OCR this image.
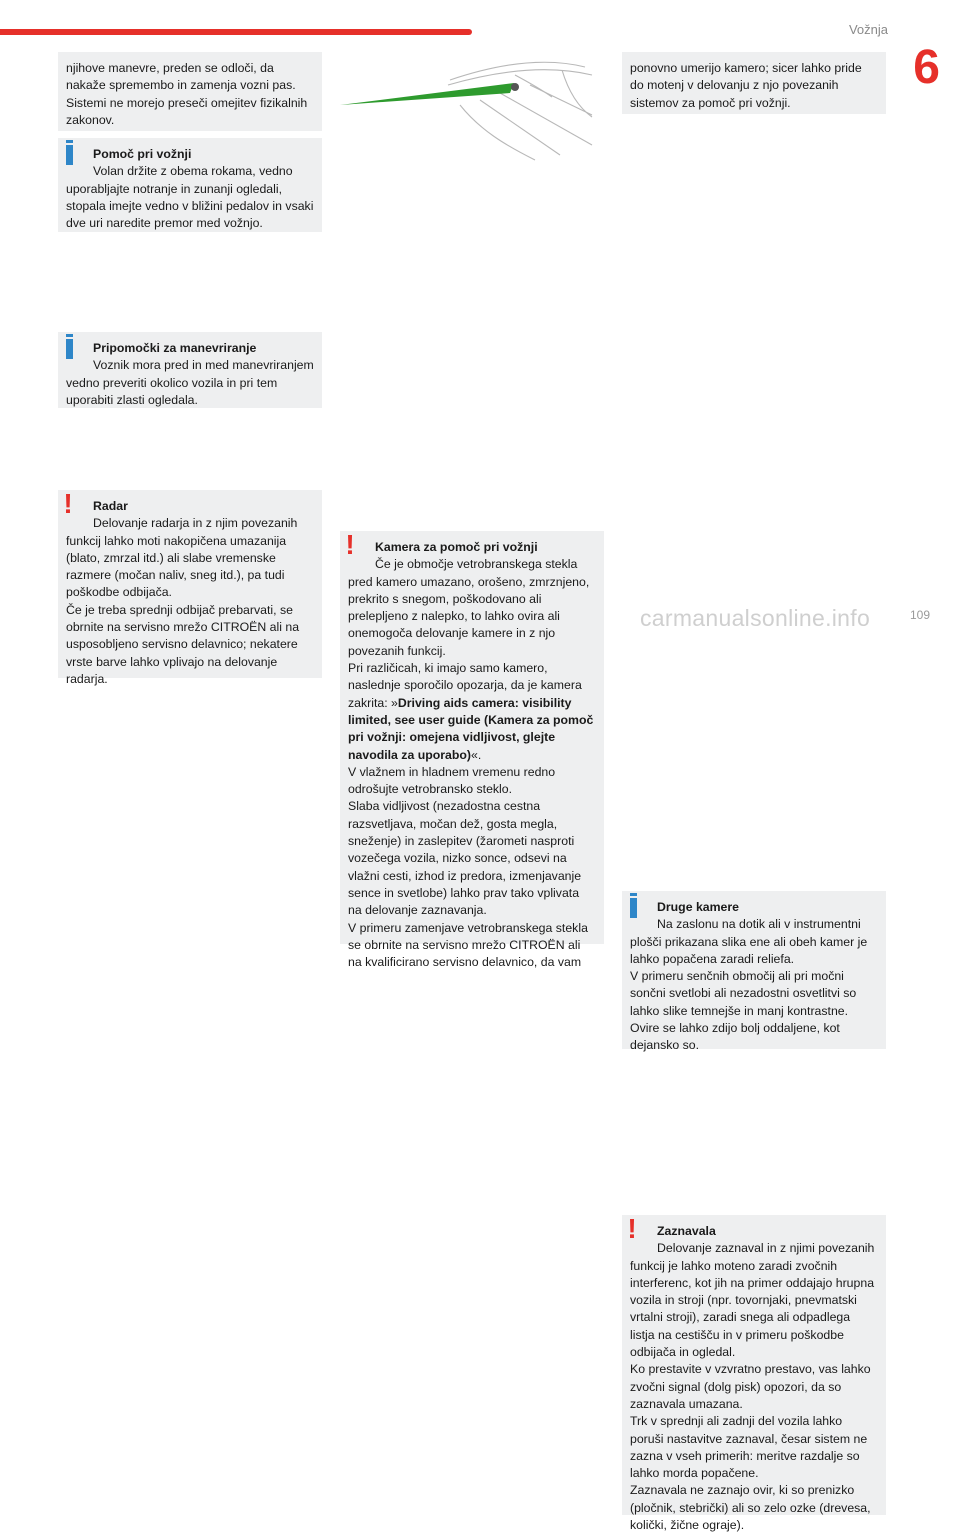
Vožnja
6
109
carmanualsonline.info

njihove manevre, preden se odloči, da nakaže spremembo in zamenja vozni pas.

Sistemi ne morejo preseči omejitev fizikalnih zakonov.

Pomoč pri vožnji

Volan držite z obema rokama, vedno uporabljajte notranje in zunanji ogledali, stopala imejte vedno v bližini pedalov in vsaki dve uri naredite premor med vožnjo.

Pripomočki za manevriranje

Voznik mora pred in med manevriranjem vedno preveriti okolico vozila in pri tem uporabiti zlasti ogledala.

!	Radar

Delovanje radarja in z njim povezanih funkcij lahko moti nakopičena umazanija (blato, zmrzal itd.) ali slabe vremenske razmere (močan naliv, sneg itd.), pa tudi poškodbe odbijača.

Če je treba sprednji odbijač prebarvati, se obrnite na servisno mrežo CITROËN ali na usposobljeno servisno delavnico; nekatere vrste barve lahko vplivajo na delovanje radarja.

!	Kamera za pomoč pri vožnji

Če je območje vetrobranskega stekla pred kamero umazano, orošeno, zmrznjeno, prekrito s snegom, poškodovano ali prelepljeno z nalepko, to lahko ovira ali onemogoča delovanje kamere in z njo povezanih funkcij.

Pri različicah, ki imajo samo kamero, naslednje sporočilo opozarja, da je kamera zakrita: »Driving aids camera: visibility limited, see user guide (Kamera za pomoč pri vožnji: omejena vidljivost, glejte navodila za uporabo)«.

V vlažnem in hladnem vremenu redno odrošujte vetrobransko steklo.

Slaba vidljivost (nezadostna cestna razsvetljava, močan dež, gosta megla, sneženje) in zaslepitev (žarometi nasproti vozečega vozila, nizko sonce, odsevi na vlažni cesti, izhod iz predora, izmenjavanje sence in svetlobe) lahko prav tako vplivata na delovanje zaznavanja.

V primeru zamenjave vetrobranskega stekla se obrnite na servisno mrežo CITROËN ali na kvalificirano servisno delavnico, da vam

ponovno umerijo kamero; sicer lahko pride do motenj v delovanju z njo povezanih sistemov za pomoč pri vožnji.

Druge kamere

Na zaslonu na dotik ali v instrumentni plošči prikazana slika ene ali obeh kamer je lahko popačena zaradi reliefa.

V primeru senčnih območij ali pri močni sončni svetlobi ali nezadostni osvetlitvi so lahko slike temnejše in manj kontrastne.

Ovire se lahko zdijo bolj oddaljene, kot dejansko so.

!	Zaznavala

Delovanje zaznaval in z njimi povezanih funkcij je lahko moteno zaradi zvočnih interferenc, kot jih na primer oddajajo hrupna vozila in stroji (npr. tovornjaki, pnevmatski vrtalni stroji), zaradi snega ali odpadlega listja na cestišču in v primeru poškodbe odbijača in ogledal.

Ko prestavite v vzvratno prestavo, vas lahko zvočni signal (dolg pisk) opozori, da so zaznavala umazana.

Trk v sprednji ali zadnji del vozila lahko poruši nastavitve zaznaval, česar sistem ne zazna v vseh primerih: meritve razdalje so lahko morda popačene.

Zaznavala ne zaznajo ovir, ki so prenizko (pločnik, stebrički) ali so zelo ozke (drevesa, količki, žične ograje).
